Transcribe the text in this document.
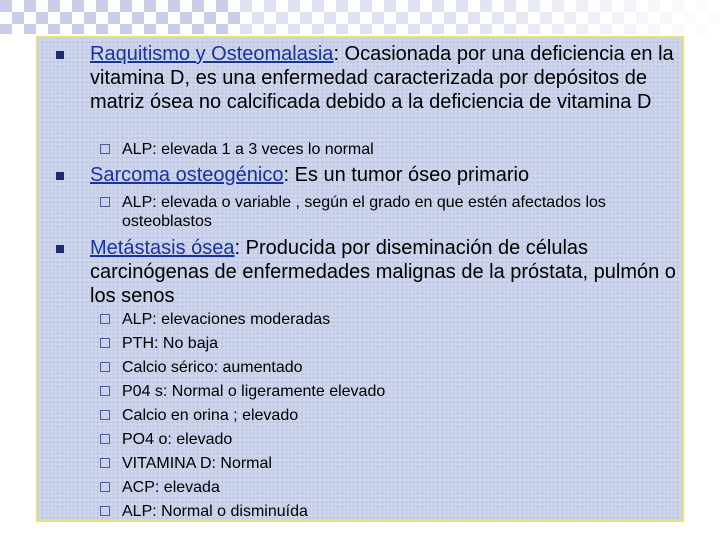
Raquitismo y Osteomalasia: Ocasionada por una deficiencia en la vitamina D, es una enfermedad caracterizada por depósitos de matriz ósea no calcificada debido a la deficiencia de vitamina D
ALP: elevada 1 a 3 veces lo normal
Sarcoma osteogénico: Es un tumor óseo primario
ALP: elevada o variable , según el grado en que estén afectados los osteoblastos
Metástasis ósea: Producida por diseminación de células carcinógenas de enfermedades malignas de la próstata, pulmón o los senos
ALP: elevaciones moderadas
PTH: No baja
Calcio sérico: aumentado
P04 s: Normal o ligeramente elevado
Calcio en orina ; elevado
PO4 o: elevado
VITAMINA D: Normal
ACP: elevada
ALP: Normal o disminuída
